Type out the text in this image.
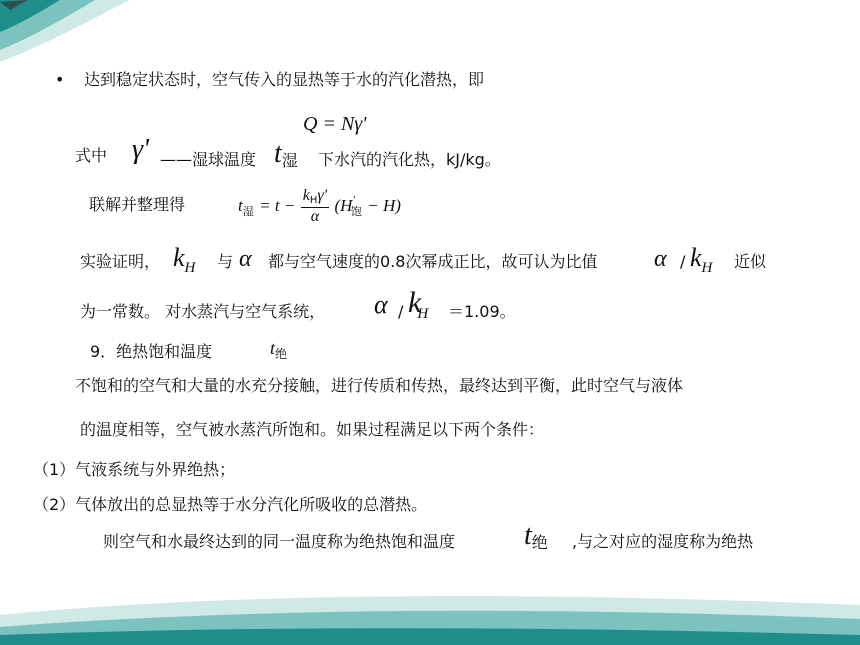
• 达到稳定状态时，空气传入的显热等于水的汽化潜热，即
Q = Nγ'
式中 γ' ——湿球温度 t湿 下水汽的汽化热，kJ/kg。
联解并整理得	$t_湿 = t - \frac{\text{kHγ'}}{\alpha} (H'_饱 - H)$
实验证明， kH 与 α 都与空气速度的0.8次幂成正比，故可认为比值 α / kH 近似
为一常数。 对水蒸汽与空气系统， α / kH ＝1.09。
9．绝热饱和温度	$t_绝$
不饱和的空气和大量的水充分接触，进行传质和传热，最终达到平衡，此时空气与液体
的温度相等，空气被水蒸汽所饱和。如果过程满足以下两个条件：
（1）气液系统与外界绝热；
（2）气体放出的总显热等于水分汽化所吸收的总潜热。
则空气和水最终达到的同一温度称为绝热饱和温度 t绝 ,与之对应的湿度称为绝热
